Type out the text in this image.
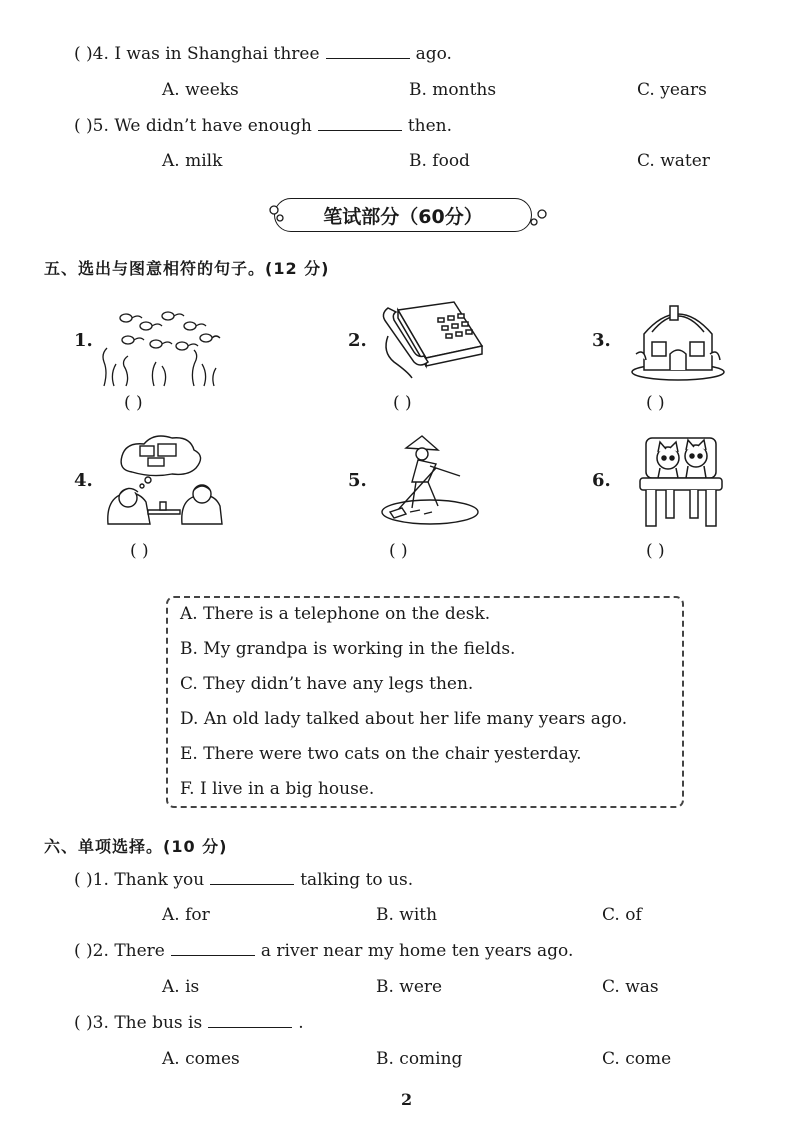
( )4. I was in Shanghai three	ago.
A. weeks	B. months	C. years
( )5. We didn’t have enough	then.
A. milk	B. food	C. water
笔试部分（60分）
五、选出与图意相符的句子。(12 分)
1.
( )
2.
( )
3.
( )
4.
( )
5.
( )
6.
( )
A. There is a telephone on the desk.
B. My grandpa is working in the fields.
C. They didn’t have any legs then.
D. An old lady talked about her life many years ago.
E. There were two cats on the chair yesterday.
F. I live in a big house.
六、单项选择。(10 分)
( )1. Thank you	talking to us.
A. for	B. with	C. of
( )2. There	a river near my home ten years ago.
A. is	B. were	C. was
( )3. The bus is	.
A. comes	B. coming	C. come
2
